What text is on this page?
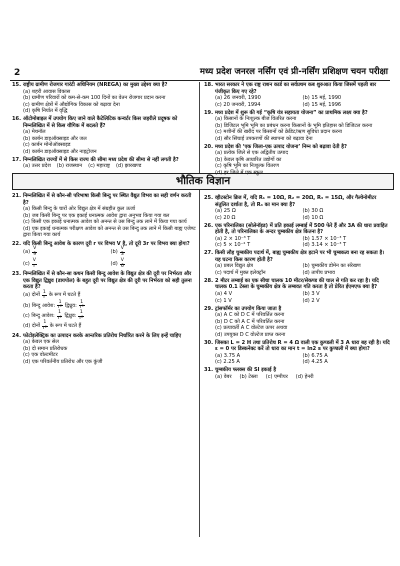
2	मध्य प्रदेश जनरल नर्सिंग एवं प्री-नर्सिंग प्रशिक्षण चयन परीक्षा
15. राष्ट्रीय ग्रामीण रोजगार गारंटी अधिनियम (NREGA) का मुख्य उद्देश्य क्या है?
(a) शहरी आवास विकास
(b) ग्रामीण परिवारों को कम-से-कम 100 दिनों का वेतन रोजगार प्रदान करना
(c) ग्रामीण क्षेत्रों में औद्योगिक विकास को बढ़ावा देना
(d) कृषि निर्यात में वृद्धि
16. ऑटोमोबाइल में उपयोग किए जाने वाले कैटेलिटिक कन्वर्टर किस जहरीले प्रदूषक को निम्नलिखित में से किस यौगिक में बदलते हैं?
(a) मेथनॉल
(b) कार्बन डाइऑक्साइड और जल
(c) कार्बन मोनोऑक्साइड
(d) कार्बन डाइऑक्साइड और नाइट्रोजन
17. निम्नलिखित राज्यों में से किस राज्य की सीमा मध्य प्रदेश की सीमा से नहीं लगती है?
(a) उत्तर प्रदेश (b) राजस्थान (c) महाराष्ट्र (d) झारखण्ड
भौतिक विज्ञान
21. निम्नलिखित में से कौन-सी परिभाषा किसी बिन्दु पर स्थित वैद्युत विभव का सही वर्णन करती है?
(a) किसी बिन्दु के चारों ओर विद्युत क्षेत्र में संग्रहीत कुल ऊर्जा
(b) जब किसी बिन्दु पर एक इकाई धनात्मक आवेश द्वारा अनुभव किया गया बल
(c) किसी एक इकाई धनात्मक आवेश को अनन्त से उस बिन्दु तक लाने में किया गया कार्य
(d) एक इकाई धनात्मक परीक्षण आवेश को अनन्त से उस बिन्दु तक लाने में किसी बाह्य एजेण्ट द्वारा किया गया कार्य
22. यदि किसी बिन्दु आवेश के कारण दूरी r पर विभव V है, तो दूरी 3r पर विभव क्या होगा?
$(a) \frac{V}{9}$	$(b) \frac{V}{3}$
$(c) \frac{V}{r}$	$(d) \frac{V}{6}$
23. निम्नलिखित में से कौन-सा कथन किसी बिन्दु आवेश के विद्युत क्षेत्र की दूरी पर निर्भरता और एक विद्युत द्विध्रुव (डायपोल) के बहुत दूरी पर विद्युत क्षेत्र की दूरी पर निर्भरता को सही तुलना करता है?
(a) दोनों $\frac{1}{r}$ के रूप में घटते हैं
(b) बिन्दु आवेश: $\frac{1}{\text{r²}}$ द्विध्रुव: $\frac{1}{\text{r³}}$
(c) बिन्दु आवेश: $\frac{1}{\text{r³}}$ द्विध्रुव: $\frac{1}{\text{r²}}$
(d) दोनों $\frac{1}{\text{r²}}$ के रूप में घटते हैं
24. फोटोइलेक्ट्रिक का उत्पादन करके आन्तरिक प्रतिरोध निर्धारित करने के लिए इन्हें चाहिए
(a) केवल एक सेल
(b) दो समान प्रतिरोधक
(c) एक वोल्टमीटर
(d) एक परिवर्तनीय प्रतिरोध और एक कुंजी
18. भारत सरकार ने एक राष्ट्र राशन कार्ड का सर्वप्रथम कब शुरुआत किया जिसमें पहली बार पंजीकृत किए गए रहे?
(a) 26 जनवरी, 1990	(b) 15 मई, 1990
(c) 20 जनवरी, 1994	(d) 15 मई, 1996
19. मध्य प्रदेश में शुरू की गई “कृषि यंत्र सहायता योजना” का प्राथमिक लक्ष्य क्या है?
(a) किसानों के निःशुल्क बीज वितरित करना
(b) डिजिटल भूमि भूमि का प्रबंधन करना किसानों के भूमि इतिहास को डिजिटल करना
(c) मशीनों की खरीद पर किसानों को क्रेडिट/ऋण सुविधा प्रदान करना
(d) सौर सिंचाई उपकरणों की स्थापना को बढ़ावा देना
20. मध्य प्रदेश की ‘एक जिला-एक उत्पाद योजना’ निम्न को बढ़ावा देती है?
(a) प्रत्येक जिले से एक अद्वितीय उत्पाद
(b) केवल कृषि आधारित उद्योगों का
(c) कृषि भूमि का निःशुल्क वितरण
(d) हर जिले में एक स्कूल
25. व्हीटस्टोन ब्रिज में, यदि R₁ = 10Ω, R₂ = 20Ω, R₃ = 15Ω, और गैल्वेनोमीटर संतुलित दर्शाता है, तो R₄ का मान क्या है?
(a) 25 Ω	(b) 30 Ω
(c) 20 Ω	(d) 10 Ω
26. एक परिनालिका (सोलेनॉइड) में प्रति इकाई लम्बाई में 500 फेरे हैं और 3A की धारा प्रवाहित होती है, तो परिनालिका के अन्दर चुम्बकीय क्षेत्र कितना है?
(a) 2 × 10⁻³ T	(b) 1.57 × 10⁻³ T
(c) 5 × 10⁻⁴ T	(d) 3.14 × 10⁻³ T
27. किसी लौह चुम्बकीय पदार्थ में, बाह्य चुम्बकीय क्षेत्र हटाने पर भी चुम्बकत्व बना रह सकता है। यह घटना किस कारण होती है?
(a) प्रबल विद्युत क्षेत्र	(b) चुम्बकीय डोमेन का संरेखण
(c) पदार्थ में मुक्त इलेक्ट्रॉन	(d) तापीय प्रभाव
28. 2 मीटर लम्बाई का एक सीधा चालक 10 मीटर/सेकण्ड की चाल से गति कर रहा है। यदि चालक 0.1 टेस्ला के चुम्बकीय क्षेत्र के लम्बवत गति करता है तो प्रेरित ईएमएफ क्या है?
(a) 4 V	(b) 3 V
(c) 1 V	(d) 2 V
29. ट्रांसफॉर्मर का उपयोग किया जाता है
(a) A C को D C में परिवर्तित करना
(b) D C को A C में परिवर्तित करना
(c) प्रत्यावर्ती A C वोल्टेज ऊपर अथवा
(d) उपयुक्त D C वोल्टेज प्राप्त करना
30. जिसका L = 2 H तथा प्रतिरोध R = 4 Ω वाली एक कुण्डली में 3 A धारा बह रही है। यदि ε = 0 पर डिस्कनेक्ट करें तो धारा का मान t = ln2 s पर कुण्डली में क्या होगा?
(a) 3.75 A	(b) 6.75 A
(c) 2.25 A	(d) 4.25 A
31. चुम्बकीय फ्लक्स की SI इकाई है
(a) वेबर (b) टेस्ला (c) एम्पीयर (d) हेनरी
